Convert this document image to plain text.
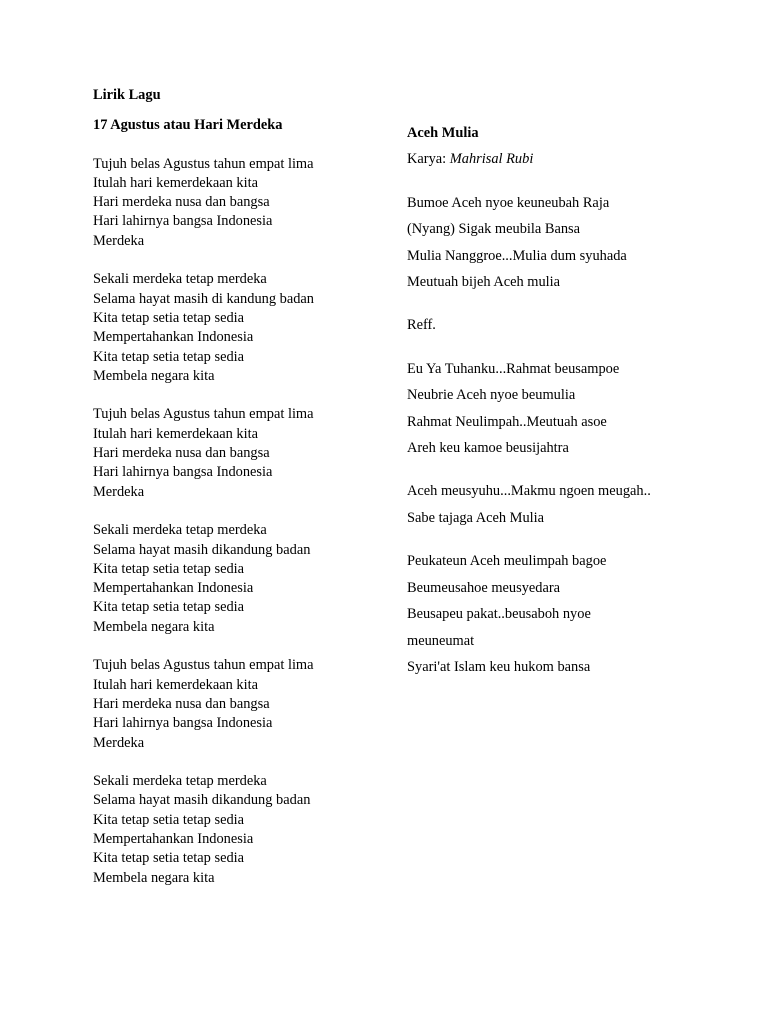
Lirik Lagu
17 Agustus atau Hari Merdeka
Tujuh belas Agustus tahun empat lima
Itulah hari kemerdekaan kita
Hari merdeka nusa dan bangsa
Hari lahirnya bangsa Indonesia
Merdeka
Sekali merdeka tetap merdeka
Selama hayat masih di kandung badan
Kita tetap setia tetap sedia
Mempertahankan Indonesia
Kita tetap setia tetap sedia
Membela negara kita
Tujuh belas Agustus tahun empat lima
Itulah hari kemerdekaan kita
Hari merdeka nusa dan bangsa
Hari lahirnya bangsa Indonesia
Merdeka
Sekali merdeka tetap merdeka
Selama hayat masih dikandung badan
Kita tetap setia tetap sedia
Mempertahankan Indonesia
Kita tetap setia tetap sedia
Membela negara kita
Tujuh belas Agustus tahun empat lima
Itulah hari kemerdekaan kita
Hari merdeka nusa dan bangsa
Hari lahirnya bangsa Indonesia
Merdeka
Sekali merdeka tetap merdeka
Selama hayat masih dikandung badan
Kita tetap setia tetap sedia
Mempertahankan Indonesia
Kita tetap setia tetap sedia
Membela negara kita
Aceh Mulia
Karya: Mahrisal Rubi
Bumoe Aceh nyoe keuneubah Raja
(Nyang) Sigak meubila Bansa
Mulia Nanggroe...Mulia dum syuhada
Meutuah bijeh Aceh mulia
Reff.
Eu Ya Tuhanku...Rahmat beusampoe
Neubrie Aceh nyoe beumulia
Rahmat Neulimpah..Meutuah asoe
Areh keu kamoe beusijahtra
Aceh meusyuhu...Makmu ngoen meugah..
Sabe tajaga Aceh Mulia
Peukateun Aceh meulimpah bagoe
Beumeusahoe meusyedara
Beusapeu pakat..beusaboh nyoe
meuneumat
Syari'at Islam keu hukom bansa
